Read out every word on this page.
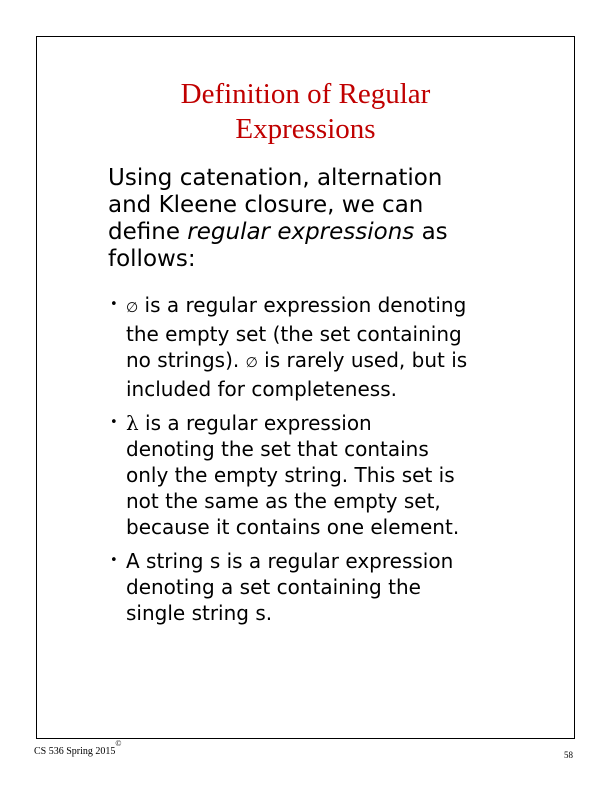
Definition of Regular
Expressions

Using catenation, alternation
and Kleene closure, we can
define regular expressions as
follows:

• ∅ is a regular expression denoting
the empty set (the set containing
no strings). ∅ is rarely used, but is
included for completeness.
• λ is a regular expression
denoting the set that contains
only the empty string. This set is
not the same as the empty set,
because it contains one element.
• A string s is a regular expression
denoting a set containing the
single string s.
CS 536 Spring 2015©
58
